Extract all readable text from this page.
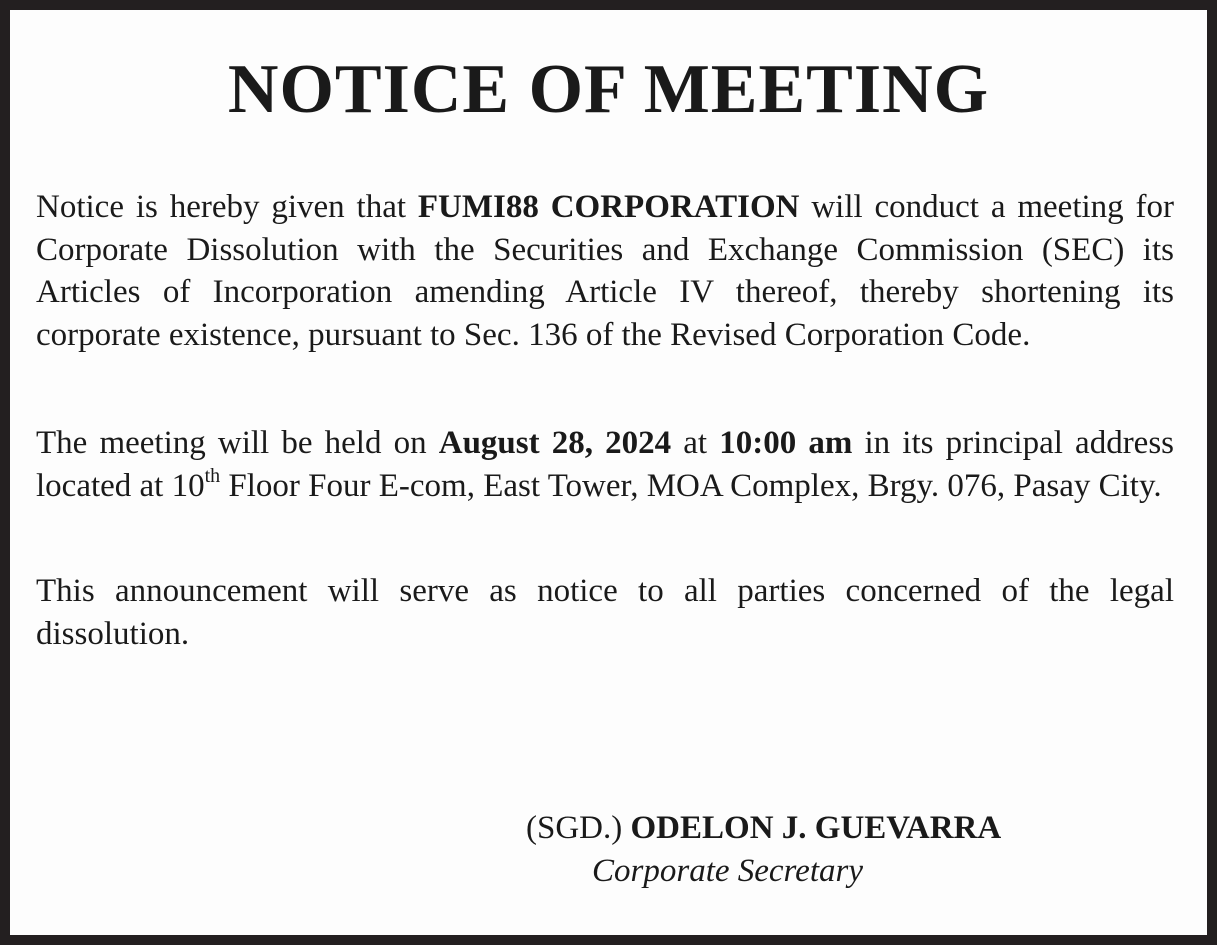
NOTICE OF MEETING

Notice is hereby given that FUMI88 CORPORATION will conduct a meeting for Corporate Dissolution with the Securities and Exchange Commission (SEC) its Articles of Incorporation amending Article IV thereof, thereby shortening its corporate existence, pursuant to Sec. 136 of the Revised Corporation Code.

The meeting will be held on August 28, 2024 at 10:00 am in its principal address located at 10th Floor Four E-com, East Tower, MOA Complex, Brgy. 076, Pasay City.

This announcement will serve as notice to all parties concerned of the legal dissolution.

(SGD.) ODELON J. GUEVARRA
Corporate Secretary
